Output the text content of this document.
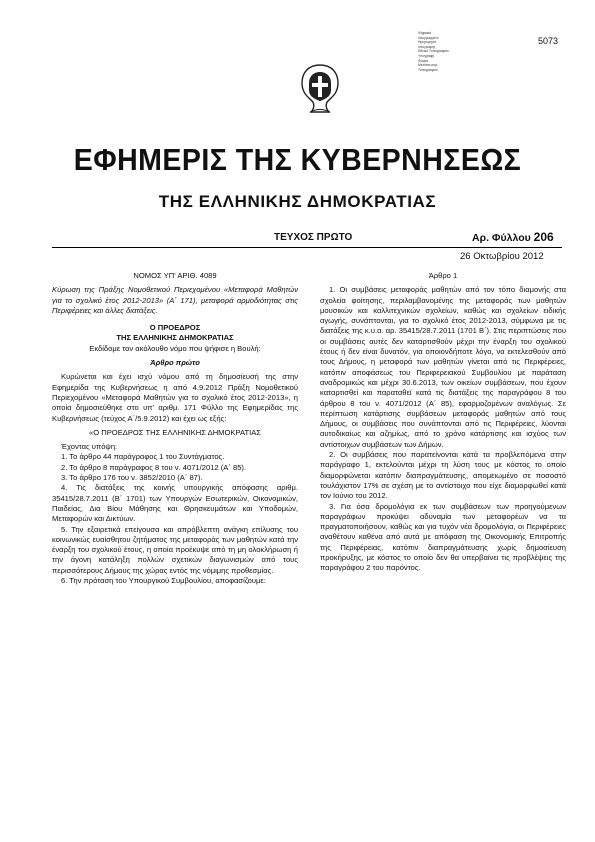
Ψηφιακά
υπογραμμένο
Ημερομηνία
υπογραφής
Εθνικό Τυπογραφείο
Υπογραφή
Φορέα
Μετάπτωσης
Τυπογραφείο
5073
ΕΦΗΜΕΡΙΣ ΤΗΣ ΚΥΒΕΡΝΗΣΕΩΣ
ΤΗΣ ΕΛΛΗΝΙΚΗΣ ΔΗΜΟΚΡΑΤΙΑΣ
ΤΕΥΧΟΣ ΠΡΩΤΟ	Αρ. Φύλλου 206
26 Οκτωβρίου 2012

ΝΟΜΟΣ ΥΠ' ΑΡΙΘ. 4089

Κύρωση της Πράξης Νομοθετικού Περιεχομένου «Μεταφορά Μαθητών για το σχολικό έτος 2012-2013» (Α΄ 171), μεταφορά αρμοδιότητας στις Περιφέρειες και άλλες διατάξεις.

Ο ΠΡΟΕΔΡΟΣ

ΤΗΣ ΕΛΛΗΝΙΚΗΣ ΔΗΜΟΚΡΑΤΙΑΣ

Εκδίδομε τον ακόλουθο νόμο που ψήφισε η Βουλή:

Άρθρο πρώτο

Κυρώνεται και έχει ισχύ νόμου από τη δημοσίευσή της στην Εφημερίδα της Κυβερνήσεως η από 4.9.2012 Πράξη Νομοθετικού Περιεχομένου «Μεταφορά Μαθητών για το σχολικό έτος 2012-2013», η οποία δημοσιεύθηκε στο υπ' αριθμ. 171 Φύλλο της Εφημερίδας της Κυβερνήσεως (τεύχος Α΄/5.9.2012) και έχει ως εξής:

«Ο ΠΡΟΕΔΡΟΣ ΤΗΣ ΕΛΛΗΝΙΚΗΣ ΔΗΜΟΚΡΑΤΙΑΣ

Έχοντας υπόψη:

1. Το άρθρο 44 παράγραφος 1 του Συντάγματος.

2. Το άρθρο 8 παράγραφος 8 του ν. 4071/2012 (Α΄ 85).

3. Το άρθρο 176 του ν. 3852/2010 (Α΄ 87).

4. Τις διατάξεις της κοινής υπουργικής απόφασης αριθμ. 35415/28.7.2011 (Β΄ 1701) των Υπουργών Εσωτερικών, Οικονομικών, Παιδείας, Δια Βίου Μάθησης και Θρησκευμάτων και Υποδομών, Μεταφορών και Δικτύων.

5. Την εξαιρετικά επείγουσα και απρόβλεπτη ανάγκη επίλυσης του κοινωνικώς ευαίσθητου ζητήματος της μεταφοράς των μαθητών κατά την έναρξη του σχολικού έτους, η οποία προέκυψε από τη μη ολοκλήρωση ή την άγονη κατάληξη πολλών σχετικών διαγωνισμών από τους περισσότερους Δήμους της χώρας εντός της νόμιμης προθεσμίας.

6. Την πρόταση του Υπουργικού Συμβουλίου, αποφασίζουμε:

Άρθρο 1

1. Οι συμβάσεις μεταφοράς μαθητών από τον τόπο διαμονής στα σχολεία φοίτησης, περιλαμβανομένης της μεταφοράς των μαθητών μουσικών και καλλιτεχνικών σχολείων, καθώς και σχολείων ειδικής αγωγής, συνάπτονται, για το σχολικό έτος 2012-2013, σύμφωνα με τις διατάξεις της κ.υ.α. αρ. 35415/28.7.2011 (1701 Β΄). Στις περιπτώσεις που οι συμβάσεις αυτές δεν καταρτισθούν μέχρι την έναρξη του σχολικού έτους ή δεν είναι δυνατόν, για οποιονδήποτε λόγο, να εκτελεσθούν από τους Δήμους, η μεταφορά των μαθητών γίνεται από τις Περιφέρειες, κατόπιν αποφάσεως του Περιφερειακού Συμβουλίου με παράταση αναδρομικώς και μέχρι 30.6.2013, των οικείων συμβάσεων, που έχουν καταρτισθεί και παραταθεί κατά τις διατάξεις της παραγράφου 8 του άρθρου 8 του ν. 4071/2012 (Α΄ 85), εφαρμοζομένων αναλόγως. Σε περίπτωση κατάρτισης συμβάσεων μεταφοράς μαθητών από τους Δήμους, οι συμβάσεις που συνάπτονται από τις Περιφέρειες, λύονται αυτοδικαίως και αζημίως, από το χρόνο κατάρτισης και ισχύος των αντίστοιχων συμβάσεων των Δήμων.

2. Οι συμβάσεις που παρατείνονται κατά τα προβλεπόμενα στην παράγραφο 1, εκτελούνται μέχρι τη λύση τους με κόστος το οποίο διαμορφώνεται κατόπιν διαπραγμάτευσης, απομειωμένο σε ποσοστό τουλάχιστον 17% σε σχέση με το αντίστοιχο που είχε διαμορφωθεί κατά τον Ιούνιο του 2012.

3. Για όσα δρομολόγια εκ των συμβάσεων των προηγούμενων παραγράφων προκύψει αδυναμία των μεταφορέων να τα πραγματοποιήσουν, καθώς και για τυχόν νέα δρομολόγια, οι Περιφέρειες αναθέτουν καθένα από αυτά με απόφαση της Οικονομικής Επιτροπής της Περιφέρειας, κατόπιν διαπραγμάτευσης χωρίς δημοσίευση προκήρυξης, με κόστος το οποίο δεν θα υπερβαίνει τις προβλέψεις της παραγράφου 2 του παρόντος.
